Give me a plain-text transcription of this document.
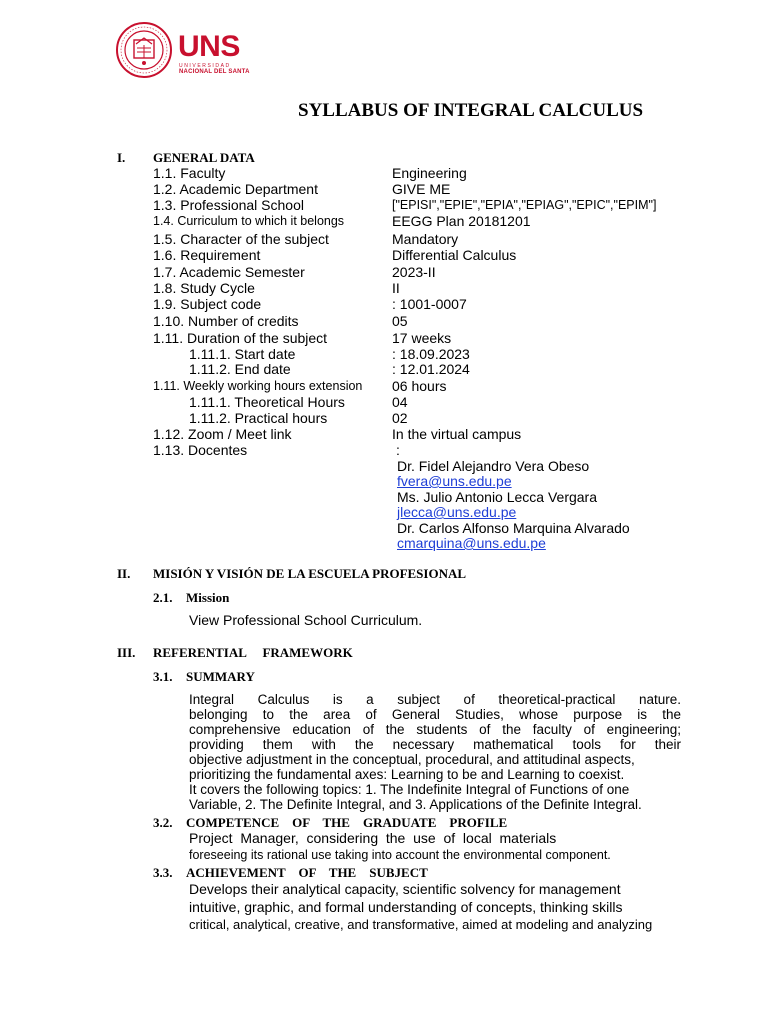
UNS
UNIVERSIDAD
NACIONAL DEL SANTA
SYLLABUS OF INTEGRAL CALCULUS
I. GENERAL DATA
1.1. Faculty	Engineering
1.2. Academic Department	GIVE ME
1.3. Professional School	["EPISI","EPIE","EPIA","EPIAG","EPIC","EPIM"]
1.4. Curriculum to which it belongs	EEGG Plan 20181201
1.5. Character of the subject	Mandatory
1.6. Requirement	Differential Calculus
1.7. Academic Semester	2023-II
1.8. Study Cycle	II
1.9. Subject code	: 1001-0007
1.10. Number of credits	05
1.11. Duration of the subject	17 weeks
1.11.1. Start date	: 18.09.2023
1.11.2. End date	: 12.01.2024
1.11. Weekly working hours extension 06 hours
1.11.1. Theoretical Hours	04
1.11.2. Practical hours	02
1.12. Zoom / Meet link	In the virtual campus
1.13. Docentes	:
Dr. Fidel Alejandro Vera Obeso
fvera@uns.edu.pe
Ms. Julio Antonio Lecca Vergara
jlecca@uns.edu.pe
Dr. Carlos Alfonso Marquina Alvarado
cmarquina@uns.edu.pe
II. MISIÓN Y VISIÓN DE LA ESCUELA PROFESIONAL
2.1. Mission
View Professional School Curriculum.
III. REFERENTIAL     FRAMEWORK
3.1. SUMMARY
Integral Calculus is a subject of theoretical-practical nature.
belonging to the area of General Studies, whose purpose is the
comprehensive education of the students of the faculty of engineering;
providing them with the necessary mathematical tools for their
objective adjustment in the conceptual, procedural, and attitudinal aspects,
prioritizing the fundamental axes: Learning to be and Learning to coexist.
It covers the following topics: 1. The Indefinite Integral of Functions of one
Variable, 2. The Definite Integral, and 3. Applications of the Definite Integral.
3.2. COMPETENCE    OF    THE    GRADUATE    PROFILE
Project  Manager,  considering  the  use  of  local  materials
foreseeing its rational use taking into account the environmental component.
3.3. ACHIEVEMENT    OF    THE    SUBJECT
Develops their analytical capacity, scientific solvency for management
intuitive, graphic, and formal understanding of concepts, thinking skills
critical, analytical, creative, and transformative, aimed at modeling and analyzing
